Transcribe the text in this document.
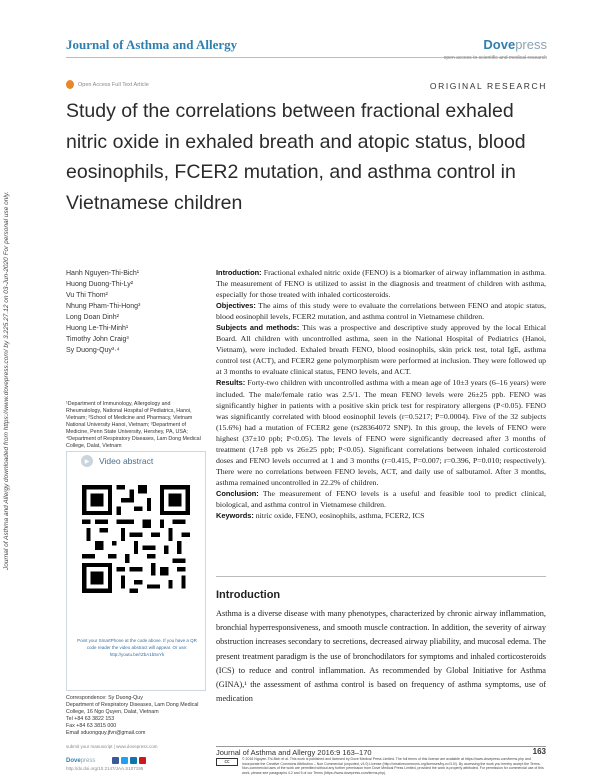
Journal of Asthma and Allergy	Dovepress
open access to scientific and medical research
Open Access Full Text Article	ORIGINAL RESEARCH
Study of the correlations between fractional exhaled nitric oxide in exhaled breath and atopic status, blood eosinophils, FCER2 mutation, and asthma control in Vietnamese children
Journal of Asthma and Allergy downloaded from https://www.dovepress.com/ by 3.225.27.12 on 03-Jun-2020 For personal use only.	Hanh Nguyen-Thi-Bich¹
Huong Duong-Thi-Ly²
Vu Thi Thom²
Nhung Pham-Thi-Hong³
Long Doan Dinh²
Huong Le-Thi-Minh¹
Timothy John Craig³
Sy Duong-Quy³·⁴
¹Department of Immunology, Allergology and Rheumatology, National Hospital of Pediatrics, Hanoi, Vietnam; ²School of Medicine and Pharmacy, Vietnam National University Hanoi, Vietnam; ³Department of Medicine, Penn State University, Hershey, PA, USA; ⁴Department of Respiratory Diseases, Lam Dong Medical College, Dalat, Vietnam
▶	Video abstract
Point your SmartPhone at the code above. If you have a QR code reader the video abstract will appear. Or use: http://youtu.be/rZbA1b5xYk
Correspondence: Sy Duong-Quy
Department of Respiratory Diseases, Lam Dong Medical College, 16 Ngo Quyen, Dalat, Vietnam
Tel +84 63 3822 153
Fax +84 63 3815 000
Email sduongquy.jfvn@gmail.com

Introduction: Fractional exhaled nitric oxide (FENO) is a biomarker of airway inflammation in asthma. The measurement of FENO is utilized to assist in the diagnosis and treatment of children with asthma, especially for those treated with inhaled corticosteroids.

Objectives: The aims of this study were to evaluate the correlations between FENO and atopic status, blood eosinophil levels, FCER2 mutation, and asthma control in Vietnamese children.

Subjects and methods: This was a prospective and descriptive study approved by the local Ethical Board. All children with uncontrolled asthma, seen in the National Hospital of Pediatrics (Hanoi, Vietnam), were included. Exhaled breath FENO, blood eosinophils, skin prick test, total IgE, asthma control test (ACT), and FCER2 gene polymorphism were performed at inclusion. They were followed up at 3 months to evaluate clinical status, FENO levels, and ACT.

Results: Forty-two children with uncontrolled asthma with a mean age of 10±3 years (6–16 years) were included. The male/female ratio was 2.5/1. The mean FENO levels were 26±25 ppb. FENO was significantly higher in patients with a positive skin prick test for respiratory allergens (P<0.05). FENO was significantly correlated with blood eosinophil levels (r=0.5217; P=0.0004). Five of the 32 subjects (15.6%) had a mutation of FCER2 gene (rs28364072 SNP). In this group, the levels of FENO were highest (37±10 ppb; P<0.05). The levels of FENO were significantly decreased after 3 months of treatment (17±8 ppb vs 26±25 ppb; P<0.05). Significant correlations between inhaled corticosteroid doses and FENO levels occurred at 1 and 3 months (r=0.415, P=0.007; r=0.396, P=0.010; respectively). There were no correlations between FENO levels, ACT, and daily use of salbutamol. After 3 months, asthma remained uncontrolled in 22.2% of children.

Conclusion: The measurement of FENO levels is a useful and feasible tool to predict clinical, biological, and asthma control in Vietnamese children.

Keywords: nitric oxide, FENO, eosinophils, asthma, FCER2, ICS

Introduction
Asthma is a diverse disease with many phenotypes, characterized by chronic airway inflammation, bronchial hyperresponsiveness, and smooth muscle contraction. In addition, the severity of airway obstruction increases secondary to secretions, decreased airway pliability, and mucosal edema. The present treatment paradigm is the use of bronchodilators for symptoms and inhaled corticosteroids (ICS) to reduce and control inflammation. As recommended by Global Initiative for Asthma (GINA),¹ the assessment of asthma control is based on frequency of asthma symptoms, use of medication
submit your manuscript | www.dovepress.com
Dovepress
http://dx.doi.org/10.2147/JAA.S107195
Journal of Asthma and Allergy 2016:9 163–170	163
cc	© 2016 Nguyen-Thi-Bich et al. This work is published and licensed by Dove Medical Press Limited. The full terms of this license are available at https://www.dovepress.com/terms.php and incorporate the Creative Commons Attribution – Non Commercial (unported, v3.0) License (http://creativecommons.org/licenses/by-nc/3.0/). By accessing the work you hereby accept the Terms. Non-commercial uses of the work are permitted without any further permission from Dove Medical Press Limited, provided the work is properly attributed. For permission for commercial use of this work, please see paragraphs 4.2 and 5 of our Terms (https://www.dovepress.com/terms.php).
